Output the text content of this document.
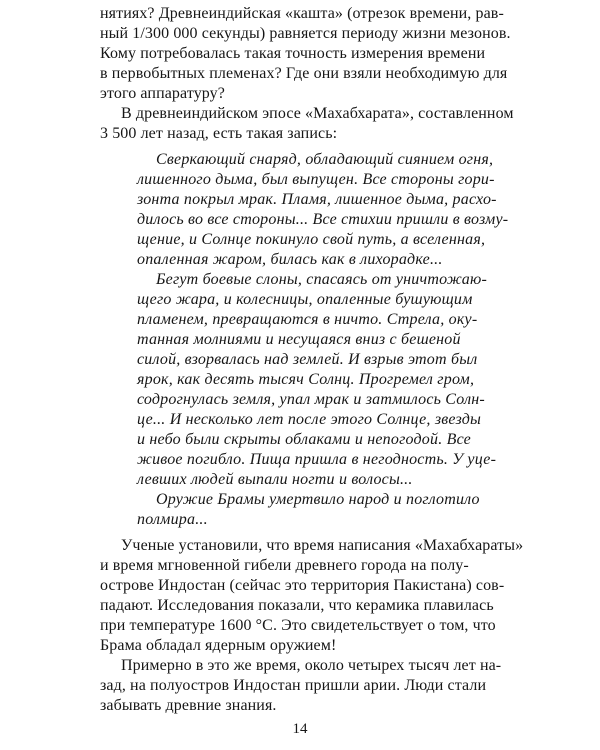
нятиях? Древнеиндийская «кашта» (отрезок времени, рав-
ный 1/300 000 секунды) равняется периоду жизни мезонов.
Кому потребовалась такая точность измерения времени
в первобытных племенах? Где они взяли необходимую для
этого аппаратуру?
В древнеиндийском эпосе «Махабхарата», составленном
3 500 лет назад, есть такая запись:
Сверкающий снаряд, обладающий сиянием огня,
лишенного дыма, был выпущен. Все стороны гори-
зонта покрыл мрак. Пламя, лишенное дыма, расхо-
дилось во все стороны... Все стихии пришли в возму-
щение, и Солнце покинуло свой путь, а вселенная,
опаленная жаром, билась как в лихорадке...
Бегут боевые слоны, спасаясь от уничтожаю-
щего жара, и колесницы, опаленные бушующим
пламенем, превращаются в ничто. Стрела, оку-
танная молниями и несущаяся вниз с бешеной
силой, взорвалась над землей. И взрыв этот был
ярок, как десять тысяч Солнц. Прогремел гром,
содрогнулась земля, упал мрак и затмилось Солн-
це... И несколько лет после этого Солнце, звезды
и небо были скрыты облаками и непогодой. Все
живое погибло. Пища пришла в негодность. У уце-
левших людей выпали ногти и волосы...
Оружие Брамы умертвило народ и поглотило
полмира...
Ученые установили, что время написания «Махабхараты»
и время мгновенной гибели древнего города на полу-
острове Индостан (сейчас это территория Пакистана) сов-
падают. Исследования показали, что керамика плавилась
при температуре 1600 °С. Это свидетельствует о том, что
Брама обладал ядерным оружием!
Примерно в это же время, около четырех тысяч лет на-
зад, на полуостров Индостан пришли арии. Люди стали
забывать древние знания.
14
